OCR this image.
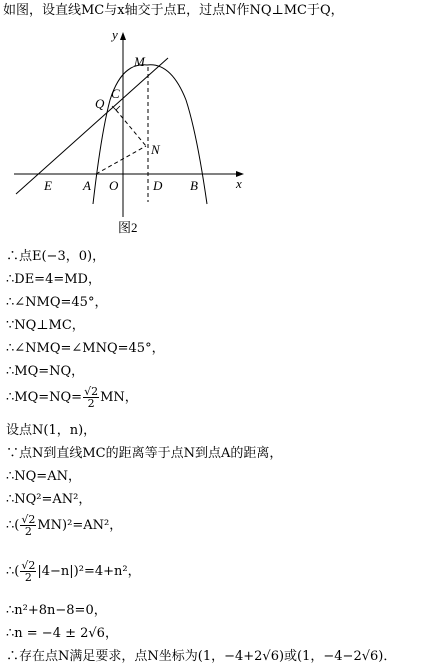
如图，设直线MC与x轴交于点E，过点N作NQ⊥MC于Q，
y
x
M
C
Q
N
E A O	D B
图2
∴点E(−3，0)，
∴DE=4=MD，
∴∠NMQ=45°，
∵NQ⊥MC，
∴∠NMQ=∠MNQ=45°，
∴MQ=NQ，
∴MQ=NQ= $\frac{√2}{2}$ MN，
设点N(1，n)，
∵点N到直线MC的距离等于点N到点A的距离，
∴NQ=AN，
∴NQ²=AN²，
∴( $\frac{√2}{2} MN)^2=AN^2$，
∴( $\frac{√2}{2} |4-n|)^2=4+n^2$，
∴n²+8n−8=0，
∴n = −4 ± 2√6，
∴存在点N满足要求，点N坐标为(1，−4+2√6)或(1，−4−2√6)．
